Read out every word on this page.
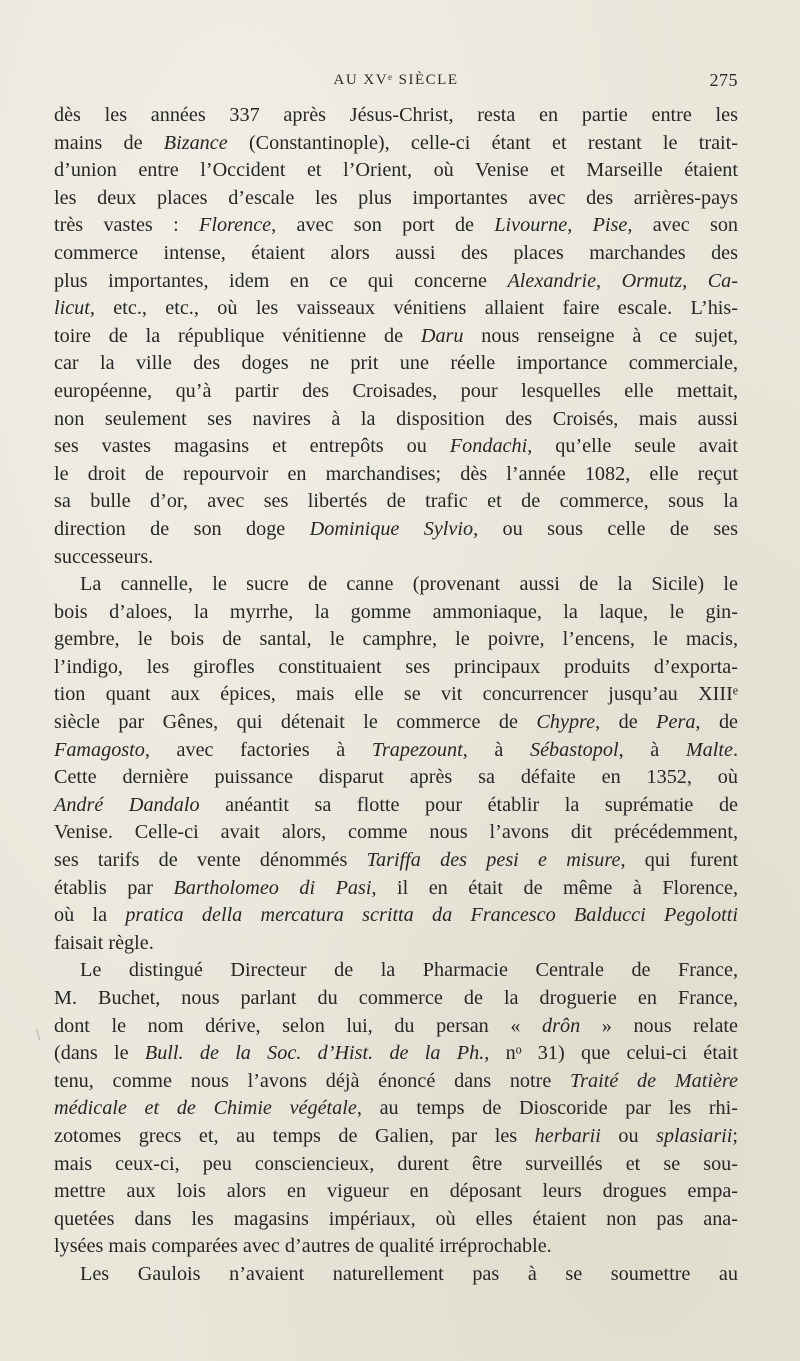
AU XVᵉ SIÈCLE	275
dès les années 337 après Jésus-Christ, resta en partie entre les
mains de Bizance (Constantinople), celle-ci étant et restant le trait-
d’union entre l’Occident et l’Orient, où Venise et Marseille étaient
les deux places d’escale les plus importantes avec des arrières-pays
très vastes : Florence, avec son port de Livourne, Pise, avec son
commerce intense, étaient alors aussi des places marchandes des
plus importantes, idem en ce qui concerne Alexandrie, Ormutz, Ca-
licut, etc., etc., où les vaisseaux vénitiens allaient faire escale. L’his-
toire de la république vénitienne de Daru nous renseigne à ce sujet,
car la ville des doges ne prit une réelle importance commerciale,
européenne, qu’à partir des Croisades, pour lesquelles elle mettait,
non seulement ses navires à la disposition des Croisés, mais aussi
ses vastes magasins et entrepôts ou Fondachi, qu’elle seule avait
le droit de repourvoir en marchandises; dès l’année 1082, elle reçut
sa bulle d’or, avec ses libertés de trafic et de commerce, sous la
direction de son doge Dominique Sylvio, ou sous celle de ses
successeurs.
La cannelle, le sucre de canne (provenant aussi de la Sicile) le
bois d’aloes, la myrrhe, la gomme ammoniaque, la laque, le gin-
gembre, le bois de santal, le camphre, le poivre, l’encens, le macis,
l’indigo, les girofles constituaient ses principaux produits d’exporta-
tion quant aux épices, mais elle se vit concurrencer jusqu’au XIIIᵉ
siècle par Gênes, qui détenait le commerce de Chypre, de Pera, de
Famagosto, avec factories à Trapezount, à Sébastopol, à Malte.
Cette dernière puissance disparut après sa défaite en 1352, où
André Dandalo anéantit sa flotte pour établir la suprématie de
Venise. Celle-ci avait alors, comme nous l’avons dit précédemment,
ses tarifs de vente dénommés Tariffa des pesi e misure, qui furent
établis par Bartholomeo di Pasi, il en était de même à Florence,
où la pratica della mercatura scritta da Francesco Balducci Pegolotti
faisait règle.
Le distingué Directeur de la Pharmacie Centrale de France,
M. Buchet, nous parlant du commerce de la droguerie en France,
dont le nom dérive, selon lui, du persan « drôn » nous relate
(dans le Bull. de la Soc. d’Hist. de la Ph., nᵒ 31) que celui-ci était
tenu, comme nous l’avons déjà énoncé dans notre Traité de Matière
médicale et de Chimie végétale, au temps de Dioscoride par les rhi-
zotomes grecs et, au temps de Galien, par les herbarii ou splasiarii;
mais ceux-ci, peu consciencieux, durent être surveillés et se sou-
mettre aux lois alors en vigueur en déposant leurs drogues empa-
quetées dans les magasins impériaux, où elles étaient non pas ana-
lysées mais comparées avec d’autres de qualité irréprochable.
Les Gaulois n’avaient naturellement pas à se soumettre au
\
